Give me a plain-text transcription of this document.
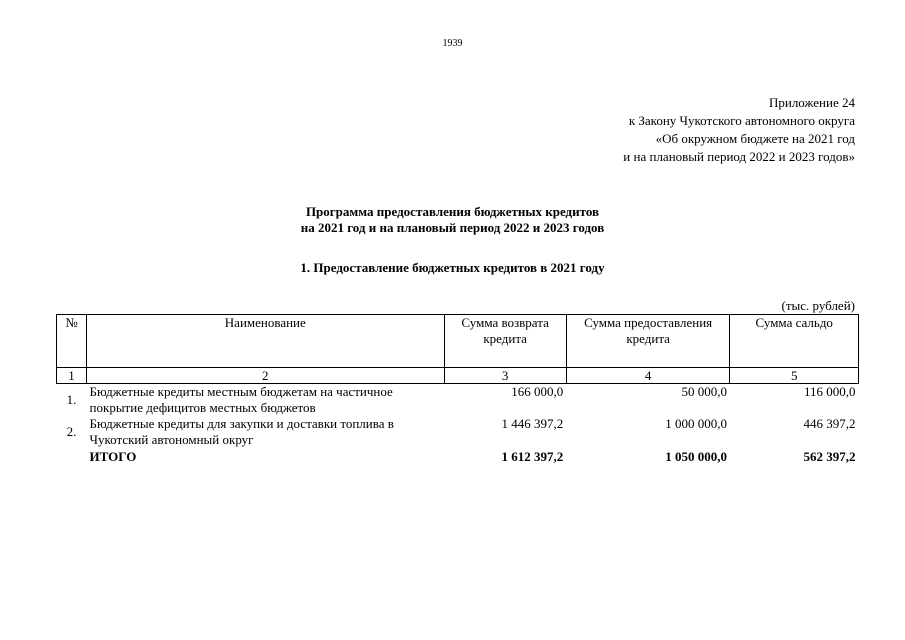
1939
Приложение 24
к Закону Чукотского автономного округа
«Об окружном бюджете на 2021 год
и на плановый период 2022 и 2023 годов»
Программа предоставления бюджетных кредитов
на 2021 год и на плановый период 2022 и 2023 годов
1. Предоставление бюджетных кредитов в 2021 году
(тыс. рублей)
№	Наименование	Сумма возврата кредита	Сумма предоставления кредита	Сумма сальдо
1	2	3	4	5
1.	Бюджетные кредиты местным бюджетам на частичное покрытие дефицитов местных бюджетов	166 000,0	50 000,0	116 000,0
2.	Бюджетные кредиты для закупки и доставки топлива в Чукотский автономный округ	1 446 397,2	1 000 000,0	446 397,2
	ИТОГО	1 612 397,2	1 050 000,0	562 397,2
